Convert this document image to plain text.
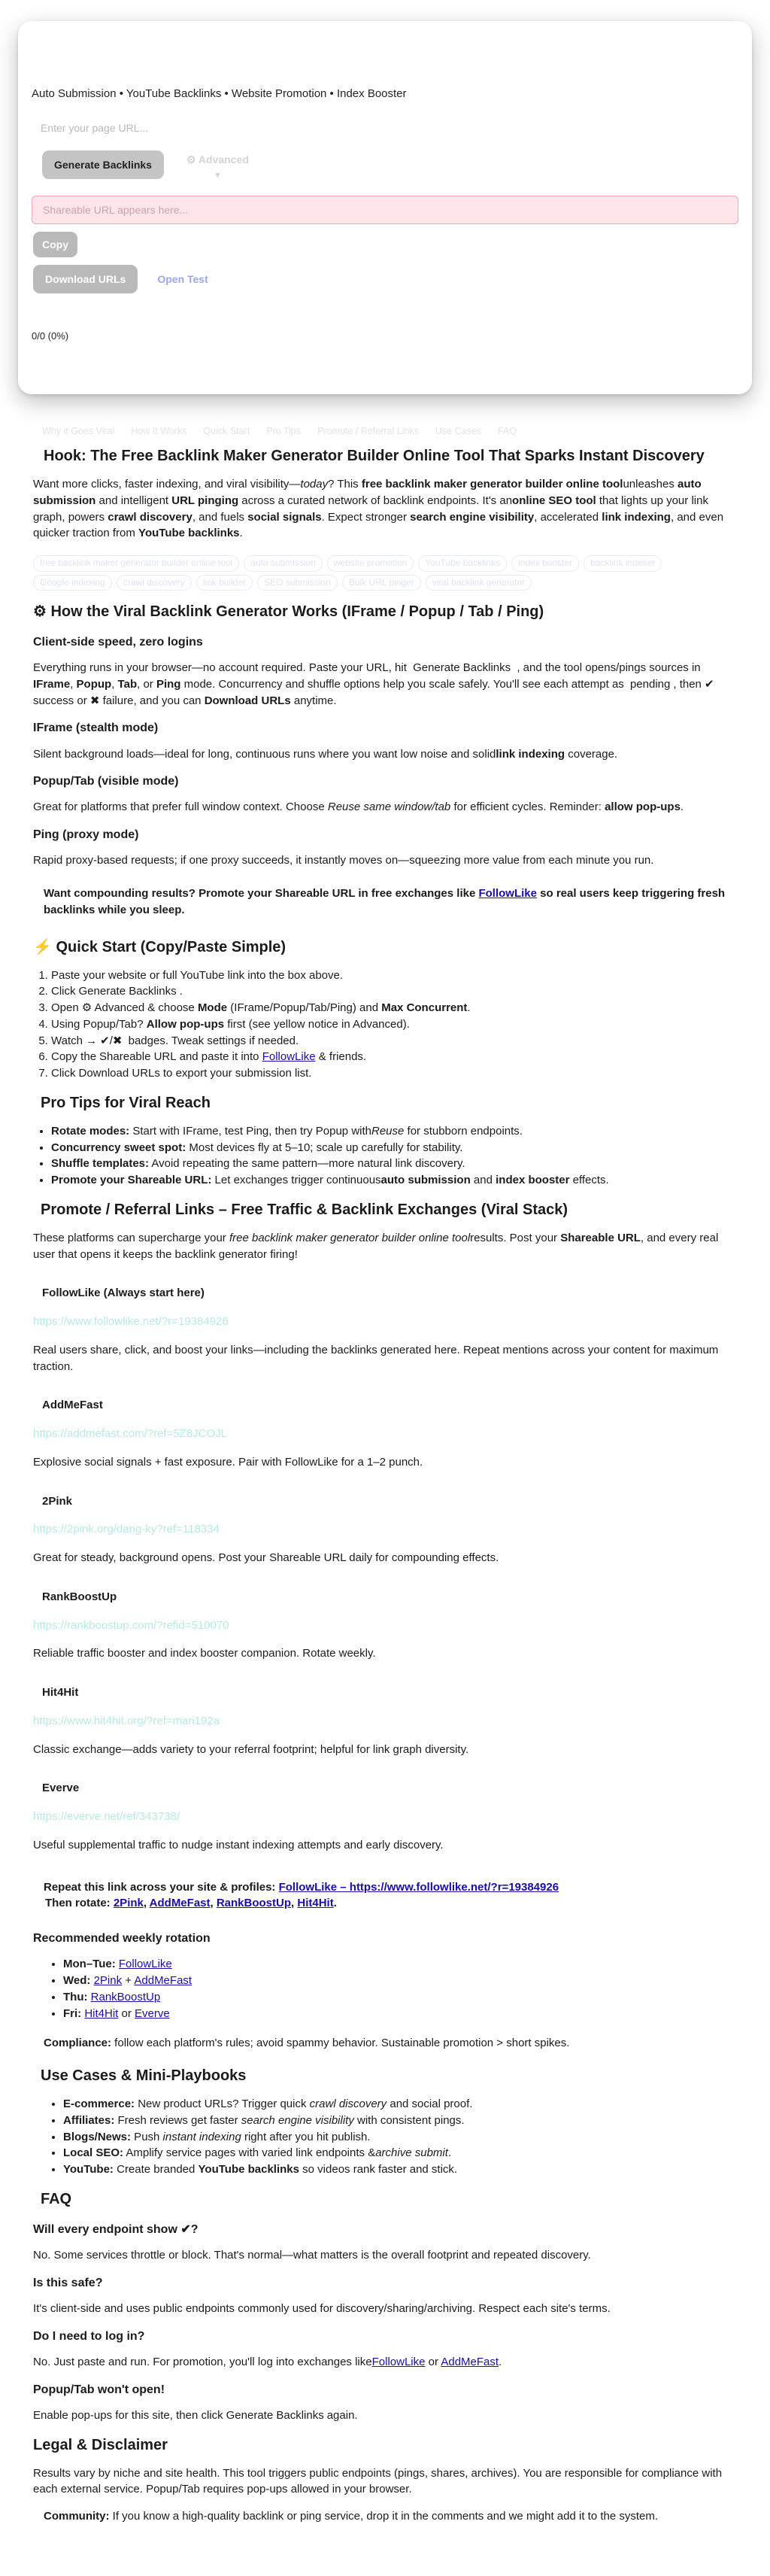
Auto Submission • YouTube Backlinks • Website Promotion • Index Booster
Enter your page URL...
Generate Backlinks	⚙ Advanced
▾
Shareable URL appears here...
Copy
Download URLs	Open Test
0/0 (0%)
Why it Goes Viral How It Works Quick Start Pro Tips Promote / Referral Links Use Cases FAQ
Hook: The Free Backlink Maker Generator Builder Online Tool That Sparks Instant Discovery

Want more clicks, faster indexing, and viral visibility—today? This free backlink maker generator builder online toolunleashes auto submission and intelligent URL pinging across a curated network of backlink endpoints. It's anonline SEO tool that lights up your link graph, powers crawl discovery, and fuels social signals. Expect stronger search engine visibility, accelerated link indexing, and even quicker traction from YouTube backlinks.

free backlink maker generator builder online tool	auto submission	website promotion	YouTube backlinks	index booster	backlink indexer
Google indexing	crawl discovery	link builder	SEO submission	Bulk URL pinger	viral backlink generator
⚙ How the Viral Backlink Generator Works (IFrame / Popup / Tab / Ping)
Client-side speed, zero logins

Everything runs in your browser—no account required. Paste your URL, hit Generate Backlinks , and the tool opens/pings sources in IFrame, Popup, Tab, or Ping mode. Concurrency and shuffle options help you scale safely. You'll see each attempt as pending , then ✔ success or ✖ failure, and you can Download URLs anytime.

IFrame (stealth mode)

Silent background loads—ideal for long, continuous runs where you want low noise and solidlink indexing coverage.

Popup/Tab (visible mode)

Great for platforms that prefer full window context. Choose Reuse same window/tab for efficient cycles. Reminder: allow pop-ups.

Ping (proxy mode)

Rapid proxy-based requests; if one proxy succeeds, it instantly moves on—squeezing more value from each minute you run.

Want compounding results? Promote your Shareable URL in free exchanges like FollowLike so real users keep triggering fresh backlinks while you sleep.

⚡ Quick Start (Copy/Paste Simple)
1. Paste your website or full YouTube link into the box above.
2. Click Generate Backlinks .
3. Open ⚙ Advanced & choose Mode (IFrame/Popup/Tab/Ping) and Max Concurrent.
4. Using Popup/Tab? Allow pop-ups first (see yellow notice in Advanced).
5. Watch → ✔/✖ badges. Tweak settings if needed.
6. Copy the Shareable URL and paste it into FollowLike & friends.
7. Click Download URLs to export your submission list.
Pro Tips for Viral Reach
• Rotate modes: Start with IFrame, test Ping, then try Popup withReuse for stubborn endpoints.
• Concurrency sweet spot: Most devices fly at 5–10; scale up carefully for stability.
• Shuffle templates: Avoid repeating the same pattern—more natural link discovery.
• Promote your Shareable URL: Let exchanges trigger continuousauto submission and index booster effects.
Promote / Referral Links – Free Traffic & Backlink Exchanges (Viral Stack)

These platforms can supercharge your free backlink maker generator builder online toolresults. Post your Shareable URL, and every real user that opens it keeps the backlink generator firing!

FollowLike (Always start here)
https://www.followlike.net/?r=19384926

Real users share, click, and boost your links—including the backlinks generated here. Repeat mentions across your content for maximum traction.

AddMeFast
https://addmefast.com/?ref=5Z8JCOJL

Explosive social signals + fast exposure. Pair with FollowLike for a 1–2 punch.

2Pink
https://2pink.org/dang-ky?ref=118334

Great for steady, background opens. Post your Shareable URL daily for compounding effects.

RankBoostUp
https://rankboostup.com/?refid=510070

Reliable traffic booster and index booster companion. Rotate weekly.

Hit4Hit
https://www.hit4hit.org/?ref=mari192a

Classic exchange—adds variety to your referral footprint; helpful for link graph diversity.

Everve
https://everve.net/ref/343738/

Useful supplemental traffic to nudge instant indexing attempts and early discovery.

Repeat this link across your site & profiles: FollowLike – https://www.followlike.net/?r=19384926
Then rotate: 2Pink, AddMeFast, RankBoostUp, Hit4Hit.
Recommended weekly rotation
• Mon–Tue: FollowLike
• Wed: 2Pink + AddMeFast
• Thu: RankBoostUp
• Fri: Hit4Hit or Everve

Compliance: follow each platform's rules; avoid spammy behavior. Sustainable promotion > short spikes.

Use Cases & Mini-Playbooks
• E-commerce: New product URLs? Trigger quick crawl discovery and social proof.
• Affiliates: Fresh reviews get faster search engine visibility with consistent pings.
• Blogs/News: Push instant indexing right after you hit publish.
• Local SEO: Amplify service pages with varied link endpoints &archive submit.
• YouTube: Create branded YouTube backlinks so videos rank faster and stick.
FAQ
Will every endpoint show ✔?

No. Some services throttle or block. That's normal—what matters is the overall footprint and repeated discovery.

Is this safe?

It's client-side and uses public endpoints commonly used for discovery/sharing/archiving. Respect each site's terms.

Do I need to log in?

No. Just paste and run. For promotion, you'll log into exchanges likeFollowLike or AddMeFast.

Popup/Tab won't open!

Enable pop-ups for this site, then click Generate Backlinks again.

Legal & Disclaimer

Results vary by niche and site health. This tool triggers public endpoints (pings, shares, archives). You are responsible for compliance with each external service. Popup/Tab requires pop-ups allowed in your browser.

Community: If you know a high-quality backlink or ping service, drop it in the comments and we might add it to the system.
